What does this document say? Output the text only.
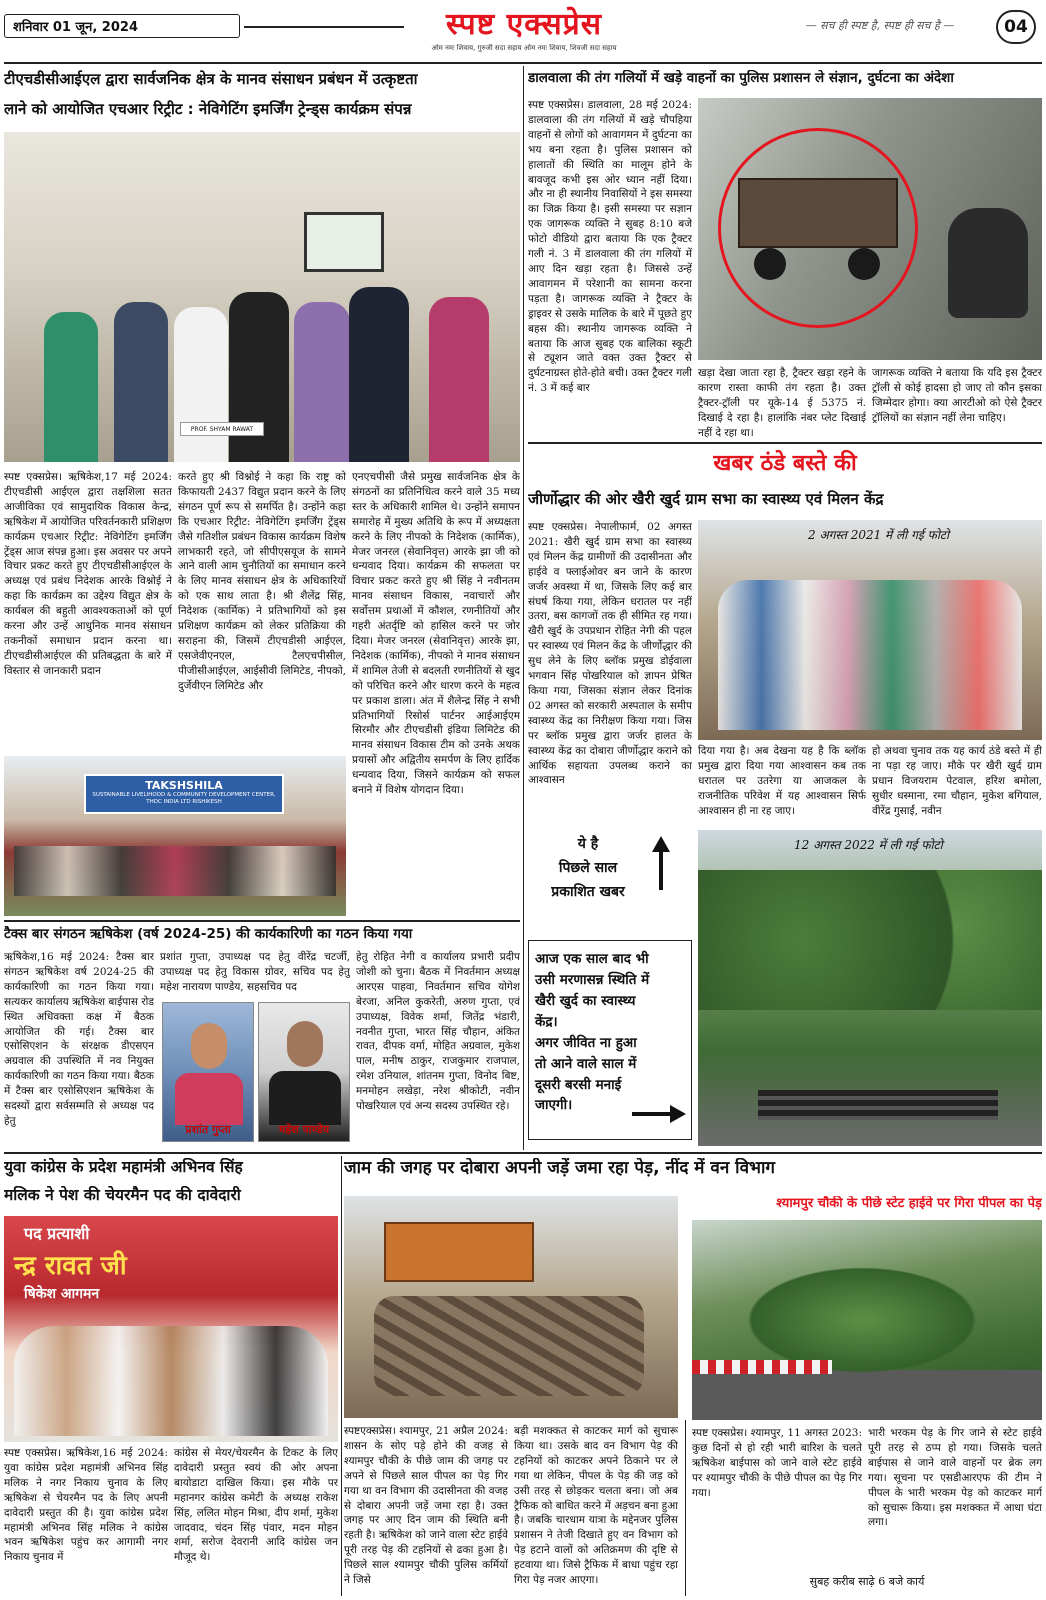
शनिवार 01 जून, 2024	स्पष्ट एक्सप्रेस
ओम नमः शिवाय, गुरुजी सदा सहाय ओम नमः शिवाय, शिवजी सदा सहाय
— सच ही स्पष्ट है, स्पष्ट ही सच है —	04
टीएचडीसीआईएल द्वारा सार्वजनिक क्षेत्र के मानव संसाधन प्रबंधन में उत्कृष्टता
लाने को आयोजित एचआर रिट्रीट : नेविगेटिंग इमर्जिंग ट्रेन्ड्स कार्यक्रम संपन्न
PROF. SHYAM RAWAT
स्पष्ट एक्सप्रेस। ऋषिकेश,17 मई 2024: टीएचडीसी आईएल द्वारा तक्षशिला सतत आजीविका एवं सामुदायिक विकास केन्द्र, ऋषिकेश में आयोजित परिवर्तनकारी प्रशिक्षण कार्यक्रम एचआर रिट्रीट: नेविगेटिंग इमर्जिंग ट्रेंड्स आज संपन्न हुआ। इस अवसर पर अपने विचार प्रकट करते हुए टीएचडीसीआईएल के अध्यक्ष एवं प्रबंध निदेशक आरके विश्नोई ने कहा कि कार्यक्रम का उद्देश्य विद्युत क्षेत्र के कार्यबल की बहुती आवश्यकताओं को पूर्ण करना और उन्हें आधुनिक मानव संसाधन तकनीकों समाधान प्रदान करना था। टीएचडीसीआईएल की प्रतिबद्धता के बारे में विस्तार से जानकारी प्रदान
करते हुए श्री विश्नोई ने कहा कि राष्ट्र को किफायती 2437 विद्युत प्रदान करने के लिए संगठन पूर्ण रूप से समर्पित है। उन्होंने कहा कि एचआर रिट्रीट: नेविगेटिंग इमर्जिंग ट्रेंड्स जैसे गतिशील प्रबंधन विकास कार्यक्रम विशेष लाभकारी रहते, जो सीपीएसयूज के सामने आने वाली आम चुनौतियों का समाधान करने के लिए मानव संसाधन क्षेत्र के अधिकारियों को एक साथ लाता है। श्री शैलेंद्र सिंह, निदेशक (कार्मिक) ने प्रतिभागियों को इस प्रशिक्षण कार्यक्रम को लेकर प्रतिक्रिया की सराहना की, जिसमें टीएचडीसी आईएल, एसजेवीएनएल, टैलएचपीसील, पीजीसीआईएल, आईसीवी लिमिटेड, नीपको, दुर्जेवीएन लिमिटेड और
एनएचपीसी जैसे प्रमुख सार्वजनिक क्षेत्र के संगठनों का प्रतिनिधित्व करने वाले 35 मध्य स्तर के अधिकारी शामिल थे। उन्होंने समापन समारोह में मुख्य अतिथि के रूप में अध्यक्षता करने के लिए नीपको के निदेशक (कार्मिक), मेजर जनरल (सेवानिवृत्त) आरके झा जी को धन्यवाद दिया। कार्यक्रम की सफलता पर विचार प्रकट करते हुए श्री सिंह ने नवीनतम मानव संसाधन विकास, नवाचारों और सर्वोत्तम प्रथाओं में कौशल, रणनीतियों और गहरी अंतर्दृष्टि को हासिल करने पर जोर दिया। मेजर जनरल (सेवानिवृत्त) आरके झा, निदेशक (कार्मिक), नीपको ने मानव संसाधन में शामिल तेजी से बदलती रणनीतियों से खुद को परिचित करने और धारण करने के महत्व पर प्रकाश डाला। अंत में शैलेन्द्र सिंह ने सभी प्रतिभागियों रिसोर्स पार्टनर आईआईएम सिरमौर और टीएचडीसी इंडिया लिमिटेड की मानव संसाधन विकास टीम को उनके अथक प्रयासों और अद्वितीय समर्पण के लिए हार्दिक धन्यवाद दिया, जिसने कार्यक्रम को सफल बनाने में विशेष योगदान दिया।
TAKSHSHILA
SUSTAINABLE LIVELIHOOD & COMMUNITY DEVELOPMENT CENTER, THDC INDIA LTD RISHIKESH
टैक्स बार संगठन ऋषिकेश (वर्ष 2024-25) की कार्यकारिणी का गठन किया गया
ऋषिकेश,16 मई 2024: टैक्स बार संगठन ऋषिकेश वर्ष 2024-25 की कार्यकारिणी का गठन किया गया। सत्यकर कार्यालय ऋषिकेश बाईपास रोड स्थित अधिवक्ता कक्ष में बैठक आयोजित की गई। टैक्स बार एसोसिएशन के संरक्षक डीएसएन अग्रवाल की उपस्थिति में नव नियुक्त कार्यकारिणी का गठन किया गया। बैठक में टैक्स बार एसोसिएशन ऋषिकेश के सदस्यों द्वारा सर्वसम्मति से अध्यक्ष पद हेतु
प्रशांत गुप्ता, उपाध्यक्ष पद हेतु वीरेंद्र चटर्जी, उपाध्यक्ष पद हेतु विकास ग्रोवर, सचिव पद हेतु महेश नारायण पाण्डेय, सहसचिव पद
प्रशांत गुप्ता	महेश पाण्डेय
हेतु रोहित नेगी व कार्यालय प्रभारी प्रदीप जोशी को चुना। बैठक में निवर्तमान अध्यक्ष आरएस पाहवा, निवर्तमान सचिव योगेश बेरजा, अनिल कुकरेती, अरुण गुप्ता, एवं उपाध्यक्ष, विवेक शर्मा, जितेंद्र भंडारी, नवनीत गुप्ता, भारत सिंह चौहान, अंकित रावत, दीपक वर्मा, मोहित अग्रवाल, मुकेश पाल, मनीष ठाकुर, राजकुमार राजपाल, रमेश उनियाल, शांतनम गुप्ता, विनोद बिष्ट, मनमोहन लखेड़ा, नरेश श्रीकोटी, नवीन पोखरियाल एवं अन्य सदस्य उपस्थित रहे।
डालवाला की तंग गलियों में खड़े वाहनों का पुलिस प्रशासन ले संज्ञान, दुर्घटना का अंदेशा
स्पष्ट एक्सप्रेस। डालवाला, 28 मई 2024: डालवाला की तंग गलियों में खड़े चौपहिया वाहनों से लोगों को आवागमन में दुर्घटना का भय बना रहता है। पुलिस प्रशासन को हालातों की स्थिति का मालूम होने के बावजूद कभी इस ओर ध्यान नहीं दिया। और ना ही स्थानीय निवासियों ने इस समस्या का जिक्र किया है। इसी समस्या पर सज्ञान एक जागरूक व्यक्ति ने सुबह 8:10 बजे फोटो वीडियो द्वारा बताया कि एक ट्रैक्टर गली नं. 3 में डालवाला की तंग गलियों में आए दिन खड़ा रहता है। जिससे उन्हें आवागमन में परेशानी का सामना करना पड़ता है। जागरूक व्यक्ति ने ट्रैक्टर के ड्राइवर से उसके मालिक के बारे में पूछते हुए बहस की। स्थानीय जागरूक व्यक्ति ने बताया कि आज सुबह एक बालिका स्कूटी से ट्यूशन जाते वक्त उक्त ट्रैक्टर से दुर्घटनाग्रस्त होते-होते बची। उक्त ट्रैक्टर गली नं. 3 में कई बार
खड़ा देखा जाता रहा है, ट्रैक्टर खड़ा रहने के कारण रास्ता काफी तंग रहता है। उक्त ट्रैक्टर-ट्रॉली पर यूके-14 ई 5375 नं. दिखाई दे रहा है। हालांकि नंबर प्लेट दिखाई नहीं दे रहा था।
जागरूक व्यक्ति ने बताया कि यदि इस ट्रैक्टर ट्रॉली से कोई हादसा हो जाए तो कौन इसका जिम्मेदार होगा। क्या आरटीओ को ऐसे ट्रैक्टर ट्रॉलियों का संज्ञान नहीं लेना चाहिए।
खबर ठंडे बस्ते की
जीर्णोद्धार की ओर खैरी खुर्द ग्राम सभा का स्वास्थ्य एवं मिलन केंद्र
स्पष्ट एक्सप्रेस। नेपालीफार्म, 02 अगस्त 2021: खैरी खुर्द ग्राम सभा का स्वास्थ्य एवं मिलन केंद्र ग्रामीणों की उदासीनता और हाईवे व फ्लाईओवर बन जाने के कारण जर्जर अवस्था में था, जिसके लिए कई बार संघर्ष किया गया, लेकिन धरातल पर नहीं उतरा, बस कागजों तक ही सीमित रह गया। खैरी खुर्द के उपप्रधान रोहित नेगी की पहल पर स्वास्थ्य एवं मिलन केंद्र के जीर्णोद्धार की सुध लेने के लिए ब्लॉक प्रमुख डोईवाला भगवान सिंह पोखरियाल को ज्ञापन प्रेषित किया गया, जिसका संज्ञान लेकर दिनांक 02 अगस्त को सरकारी अस्पताल के समीप स्वास्थ्य केंद्र का निरीक्षण किया गया। जिस पर ब्लॉक प्रमुख द्वारा जर्जर हालत के स्वास्थ्य केंद्र का दोबारा जीर्णोद्धार कराने को आर्थिक सहायता उपलब्ध कराने का आश्वासन
2 अगस्त 2021 में ली गई फोटो
दिया गया है। अब देखना यह है कि ब्लॉक प्रमुख द्वारा दिया गया आश्वासन कब तक धरातल पर उतरेगा या आजकल के राजनीतिक परिवेश में यह आश्वासन सिर्फ आश्वासन ही ना रह जाए।
हो अथवा चुनाव तक यह कार्य ठंडे बस्ते में ही ना पड़ा रह जाए। मौके पर खैरी खुर्द ग्राम प्रधान विजयराम पेटवाल, हरिश बमोला, सुधीर धस्माना, रमा चौहान, मुकेश बगियाल, वीरेंद्र गुसाईं, नवीन
ये है
पिछले साल
प्रकाशित खबर
आज एक साल बाद भी
उसी मरणासन्न स्थिति में
खैरी खुर्द का स्वास्थ्य
केंद्र।
अगर जीवित ना हुआ
तो आने वाले साल में
दूसरी बरसी मनाई
जाएगी।
12 अगस्त 2022 में ली गई फोटो
युवा कांग्रेस के प्रदेश महामंत्री अभिनव सिंह
मलिक ने पेश की चेयरमैन पद की दावेदारी
पद प्रत्याशी
न्द्र रावत जी
षिकेश आगमन
स्पष्ट एक्सप्रेस। ऋषिकेश,16 मई 2024: युवा कांग्रेस प्रदेश महामंत्री अभिनव सिंह मलिक ने नगर निकाय चुनाव के लिए ऋषिकेश से चेयरमैन पद के लिए अपनी दावेदारी प्रस्तुत की है। युवा कांग्रेस प्रदेश महामंत्री अभिनव सिंह मलिक ने कांग्रेस भवन ऋषिकेश पहुंच कर आगामी नगर निकाय चुनाव में
कांग्रेस से मेयर/चेयरमैन के टिकट के लिए दावेदारी प्रस्तुत स्वयं की ओर अपना बायोडाटा दाखिल किया। इस मौके पर महानगर कांग्रेस कमेटी के अध्यक्ष राकेश सिंह, ललित मोहन मिश्रा, दीप शर्मा, मुकेश जादवाद, चंदन सिंह पंवार, मदन मोहन शर्मा, सरोज देवरानी आदि कांग्रेस जन मौजूद थे।
जाम की जगह पर दोबारा अपनी जड़ें जमा रहा पेड़, नींद में वन विभाग
स्पष्टएक्सप्रेस। श्यामपुर, 21 अप्रैल 2024: शासन के सोए पड़े होने की वजह से श्यामपुर चौकी के पीछे जाम की जगह पर अपने से पिछले साल पीपल का पेड़ गिर गया था वन विभाग की उदासीनता की वजह से दोबारा अपनी जड़ें जमा रहा है। उक्त जगह पर आए दिन जाम की स्थिति बनी रहती है। ऋषिकेश को जाने वाला स्टेट हाईवे पूरी तरह पेड़ की टहनियों से ढका हुआ है। पिछले साल श्यामपुर चौकी पुलिस कर्मियों ने जिसे
बड़ी मशक्कत से काटकर मार्ग को सुचारू किया था। उसके बाद वन विभाग पेड़ की टहनियों को काटकर अपने ठिकाने पर ले गया था लेकिन, पीपल के पेड़ की जड़ को उसी तरह से छोड़कर चलता बना। जो अब ट्रैफिक को बाधित करने में अड़चन बना हुआ है। जबकि चारधाम यात्रा के मद्देनजर पुलिस प्रशासन ने तेजी दिखाते हुए वन विभाग को पेड़ हटाने वालों को अतिक्रमण की दृष्टि से हटवाया था। जिसे ट्रैफिक में बाधा पहुंच रहा गिरा पेड़ नजर आएगा।
श्यामपुर चौकी के पीछे स्टेट हाईवे पर गिरा पीपल का पेड़
स्पष्ट एक्सप्रेस। श्यामपुर, 11 अगस्त 2023: कुछ दिनों से हो रही भारी बारिश के चलते ऋषिकेश बाईपास को जाने वाले स्टेट हाईवे पर श्यामपुर चौकी के पीछे पीपल का पेड़ गिर गया।
भारी भरकम पेड़ के गिर जाने से स्टेट हाईवे पूरी तरह से ठप्प हो गया। जिसके चलते बाईपास से जाने वाले वाहनों पर ब्रेक लग गया। सूचना पर एसडीआरएफ की टीम ने पीपल के भारी भरकम पेड़ को काटकर मार्ग को सुचारू किया। इस मशक्कत में आधा घंटा लगा।
सुबह करीब साढ़े 6 बजे कार्य
